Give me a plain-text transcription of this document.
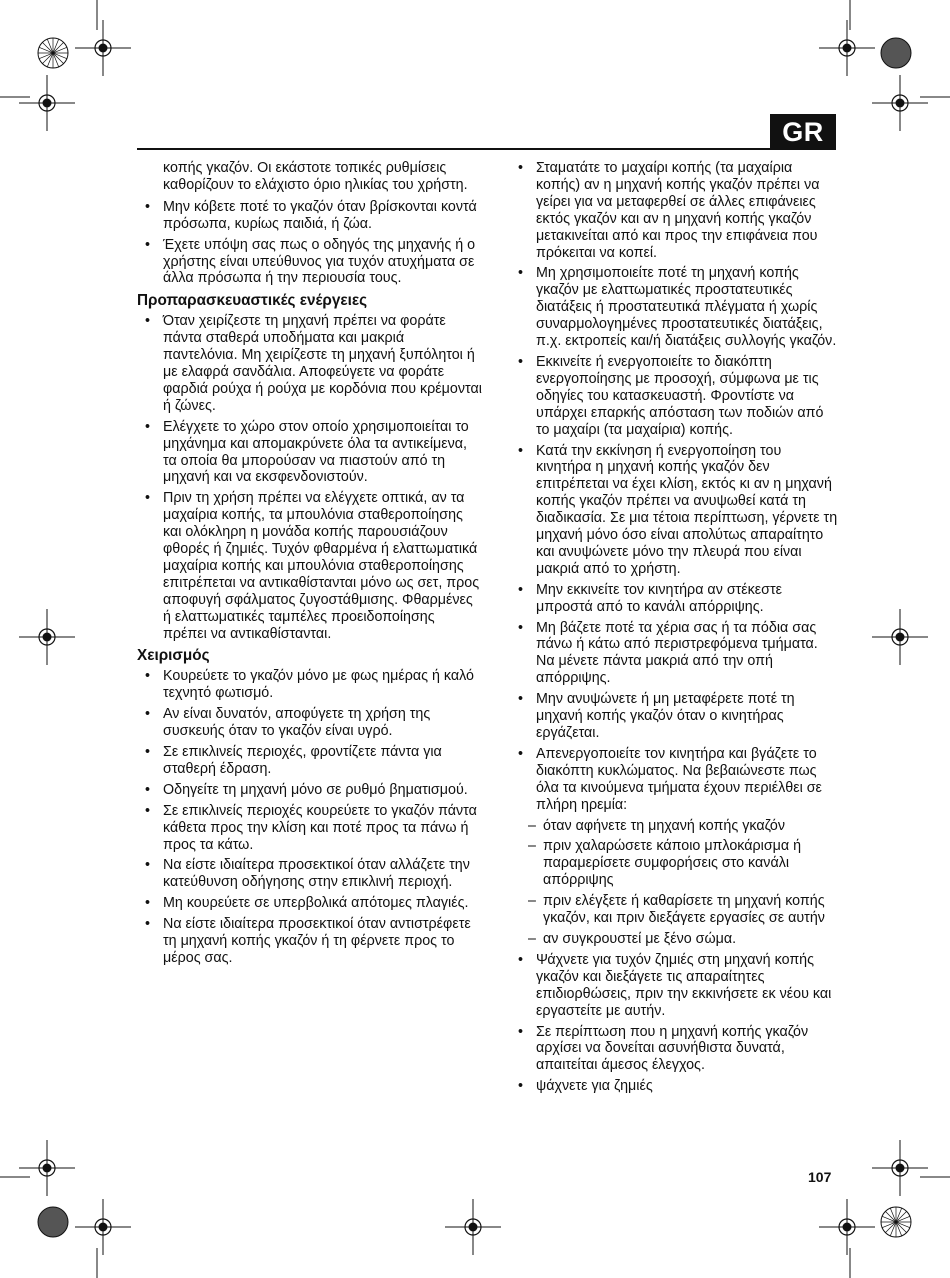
GR
κοπής γκαζόν. Οι εκάστοτε τοπικές ρυθμίσεις καθορίζουν το ελάχιστο όριο ηλικίας του χρήστη.
• Μην κόβετε ποτέ το γκαζόν όταν βρίσκονται κοντά πρόσωπα, κυρίως παιδιά, ή ζώα.
• Έχετε υπόψη σας πως ο οδηγός της μηχανής ή ο χρήστης είναι υπεύθυνος για τυχόν ατυχήματα σε άλλα πρόσωπα ή την περιουσία τους.
Προπαρασκευαστικές ενέργειες
• Όταν χειρίζεστε τη μηχανή πρέπει να φοράτε πάντα σταθερά υποδήματα και μακριά παντελόνια. Μη χειρίζεστε τη μηχανή ξυπόλητοι ή με ελαφρά σανδάλια. Αποφεύγετε να φοράτε φαρδιά ρούχα ή ρούχα με κορδόνια που κρέμονται ή ζώνες.
• Ελέγχετε το χώρο στον οποίο χρησιμοποιείται το μηχάνημα και απομακρύνετε όλα τα αντικείμενα, τα οποία θα μπορούσαν να πιαστούν από τη μηχανή και να εκσφενδονιστούν.
• Πριν τη χρήση πρέπει να ελέγχετε οπτικά, αν τα μαχαίρια κοπής, τα μπουλόνια σταθεροποίησης και ολόκληρη η μονάδα κοπής παρουσιάζουν φθορές ή ζημιές. Τυχόν φθαρμένα ή ελαττωματικά μαχαίρια κοπής και μπουλόνια σταθεροποίησης επιτρέπεται να αντικαθίστανται μόνο ως σετ, προς αποφυγή σφάλματος ζυγοστάθμισης. Φθαρμένες ή ελαττωματικές ταμπέλες προειδοποίησης πρέπει να αντικαθίστανται.
Χειρισμός
• Κουρεύετε το γκαζόν μόνο με φως ημέρας ή καλό τεχνητό φωτισμό.
• Αν είναι δυνατόν, αποφύγετε τη χρήση της συσκευής όταν το γκαζόν είναι υγρό.
• Σε επικλινείς περιοχές, φροντίζετε πάντα για σταθερή έδραση.
• Οδηγείτε τη μηχανή μόνο σε ρυθμό βηματισμού.
• Σε επικλινείς περιοχές κουρεύετε το γκαζόν πάντα κάθετα προς την κλίση και ποτέ προς τα πάνω ή προς τα κάτω.
• Να είστε ιδιαίτερα προσεκτικοί όταν αλλάζετε την κατεύθυνση οδήγησης στην επικλινή περιοχή.
• Μη κουρεύετε σε υπερβολικά απότομες πλαγιές.
• Να είστε ιδιαίτερα προσεκτικοί όταν αντιστρέφετε τη μηχανή κοπής γκαζόν ή τη φέρνετε προς το μέρος σας.
• Σταματάτε το μαχαίρι κοπής (τα μαχαίρια κοπής) αν η μηχανή κοπής γκαζόν πρέπει να γείρει για να μεταφερθεί σε άλλες επιφάνειες εκτός γκαζόν και αν η μηχανή κοπής γκαζόν μετακινείται από και προς την επιφάνεια που πρόκειται να κοπεί.
• Μη χρησιμοποιείτε ποτέ τη μηχανή κοπής γκαζόν με ελαττωματικές προστατευτικές διατάξεις ή προστατευτικά πλέγματα ή χωρίς συναρμολογημένες προστατευτικές διατάξεις, π.χ. εκτροπείς και/ή διατάξεις συλλογής γκαζόν.
• Εκκινείτε ή ενεργοποιείτε το διακόπτη ενεργοποίησης με προσοχή, σύμφωνα με τις οδηγίες του κατασκευαστή. Φροντίστε να υπάρχει επαρκής απόσταση των ποδιών από το μαχαίρι (τα μαχαίρια) κοπής.
• Κατά την εκκίνηση ή ενεργοποίηση του κινητήρα η μηχανή κοπής γκαζόν δεν επιτρέπεται να έχει κλίση, εκτός κι αν η μηχανή κοπής γκαζόν πρέπει να ανυψωθεί κατά τη διαδικασία. Σε μια τέτοια περίπτωση, γέρνετε τη μηχανή μόνο όσο είναι απολύτως απαραίτητο και ανυψώνετε μόνο την πλευρά που είναι μακριά από το χρήστη.
• Μην εκκινείτε τον κινητήρα αν στέκεστε μπροστά από το κανάλι απόρριψης.
• Μη βάζετε ποτέ τα χέρια σας ή τα πόδια σας πάνω ή κάτω από περιστρεφόμενα τμήματα. Να μένετε πάντα μακριά από την οπή απόρριψης.
• Μην ανυψώνετε ή μη μεταφέρετε ποτέ τη μηχανή κοπής γκαζόν όταν ο κινητήρας εργάζεται.
• Απενεργοποιείτε τον κινητήρα και βγάζετε το διακόπτη κυκλώματος. Να βεβαιώνεστε πως όλα τα κινούμενα τμήματα έχουν περιέλθει σε πλήρη ηρεμία:
– όταν αφήνετε τη μηχανή κοπής γκαζόν
– πριν χαλαρώσετε κάποιο μπλοκάρισμα ή παραμερίσετε συμφορήσεις στο κανάλι απόρριψης
– πριν ελέγξετε ή καθαρίσετε τη μηχανή κοπής γκαζόν, και πριν διεξάγετε εργασίες σε αυτήν
– αν συγκρουστεί με ξένο σώμα.
• Ψάχνετε για τυχόν ζημιές στη μηχανή κοπής γκαζόν και διεξάγετε τις απαραίτητες επιδιορθώσεις, πριν την εκκινήσετε εκ νέου και εργαστείτε με αυτήν.
• Σε περίπτωση που η μηχανή κοπής γκαζόν αρχίσει να δονείται ασυνήθιστα δυνατά, απαιτείται άμεσος έλεγχος.
• ψάχνετε για ζημιές
107
